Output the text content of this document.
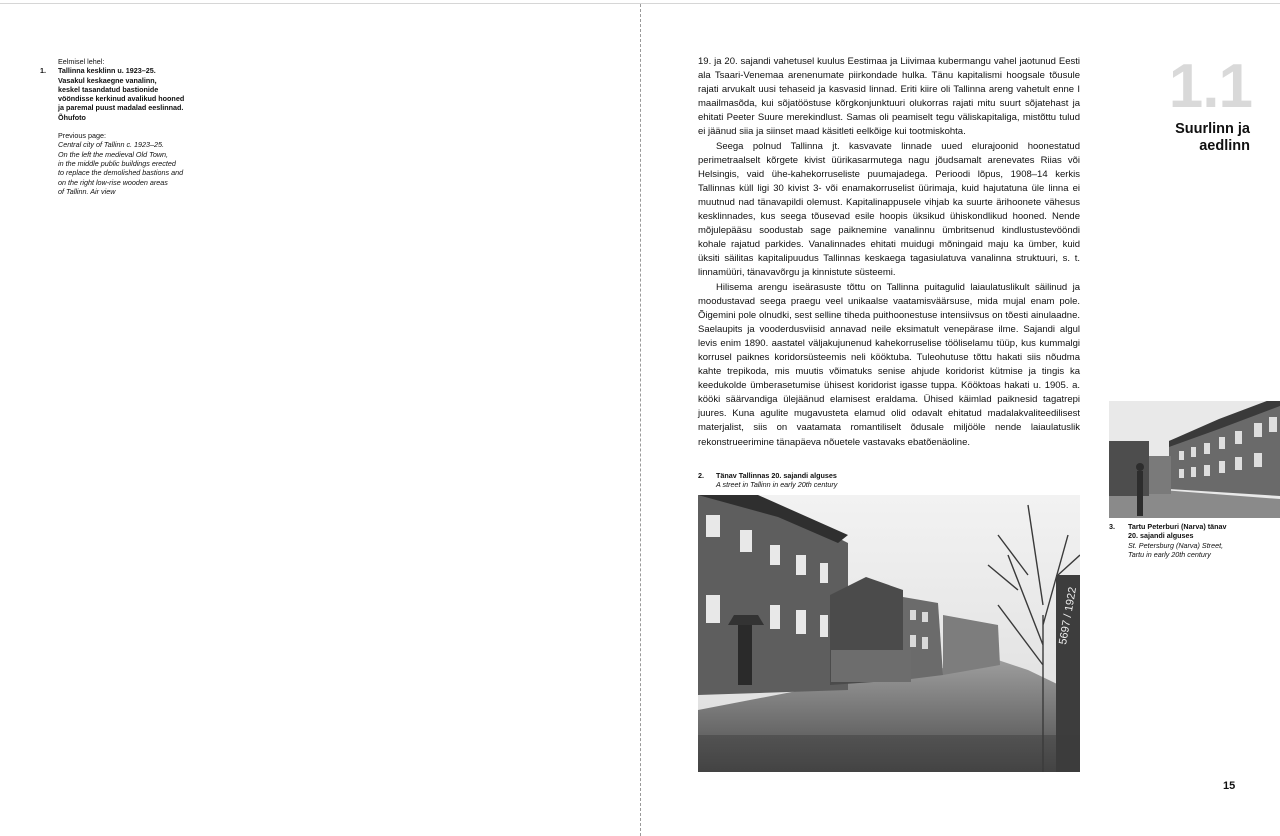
Eelmisel lehel:
1.	Tallinna kesklinn u. 1923–25.
Vasakul keskaegne vanalinn,
keskel tasandatud bastionide
vööndisse kerkinud avalikud hooned
ja paremal puust madalad eeslinnad.
Õhufoto
Previous page:
Central city of Tallinn c. 1923–25.
On the left the medieval Old Town,
in the middle public buildings erected
to replace the demolished bastions and
on the right low-rise wooden areas
of Tallinn. Air view

19. ja 20. sajandi vahetusel kuulus Eestimaa ja Liivimaa kubermangu vahel jaotunud Eesti ala Tsaari-Venemaa arenenumate piirkondade hulka. Tänu kapitalismi hoogsale tõusule rajati arvukalt uusi tehaseid ja kasvasid linnad. Eriti kiire oli Tallinna areng vahetult enne I maailmasõda, kui sõjatööstuse kõrgkonjunktuuri olukorras rajati mitu suurt sõjatehast ja ehitati Peeter Suure merekindlust. Samas oli peamiselt tegu väliskapitaliga, mistõttu tulud ei jäänud siia ja siinset maad käsitleti eelkõige kui tootmiskohta.

Seega polnud Tallinna jt. kasvavate linnade uued elurajoonid hoonestatud perimetraalselt kõrgete kivist üürikasarmutega nagu jõudsamalt arenevates Riias või Helsingis, vaid ühe-kahekorruseliste puumajadega. Perioodi lõpus, 1908–14 kerkis Tallinnas küll ligi 30 kivist 3- või enamakorruselist üürimaja, kuid hajutatuna üle linna ei muutnud nad tänavapildi olemust. Kapitalinappusele vihjab ka suurte ärihoonete vähesus kesklinnades, kus seega tõusevad esile hoopis üksikud ühiskondlikud hooned. Nende mõjulepääsu soodustab sage paiknemine vanalinnu ümbritsenud kindlustustevööndi kohale rajatud parkides. Vanalinnades ehitati muidugi mõningaid maju ka ümber, kuid üksiti säilitas kapitalipuudus Tallinnas keskaega tagasiulatuva vanalinna struktuuri, s. t. linnamüüri, tänavavõrgu ja kinnistute süsteemi.

Hilisema arengu iseärasuste tõttu on Tallinna puitagulid laiaulatuslikult säilinud ja moodustavad seega praegu veel unikaalse vaatamisväärsuse, mida mujal enam pole. Õigemini pole olnudki, sest selline tiheda puithoonestuse intensiivsus on tõesti ainulaadne. Saelaupits ja vooderdusviisid annavad neile eksimatult venepärase ilme. Sajandi algul levis enim 1890. aastatel väljakujunenud kahekorruselise tööliselamu tüüp, kus kummalgi korrusel paiknes koridorsüsteemis neli kööktuba. Tuleohutuse tõttu hakati siis nõudma kahte trepikoda, mis muutis võimatuks senise ahjude koridorist kütmise ja tingis ka keedukolde ümberasetumise ühisest koridorist igasse tuppa. Kööktoas hakati u. 1905. a. kööki säärvandiga ülejäänud elamisest eraldama. Ühised käimlad paiknesid tagatrepi juures. Kuna agulite mugavusteta elamud olid odavalt ehitatud madalakvaliteedilisest materjalist, siis on vaatamata romantiliselt õdusale miljööle nende laiaulatuslik rekonstrueerimine tänapäeva nõuetele vastavaks ebatõenäoline.

1.1
Suurlinn ja
aedlinn
2.	Tänav Tallinnas 20. sajandi alguses
A street in Tallinn in early 20th century
5697 / 1922
3.	Tartu Peterburi (Narva) tänav
20. sajandi alguses
St. Petersburg (Narva) Street,
Tartu in early 20th century
15
